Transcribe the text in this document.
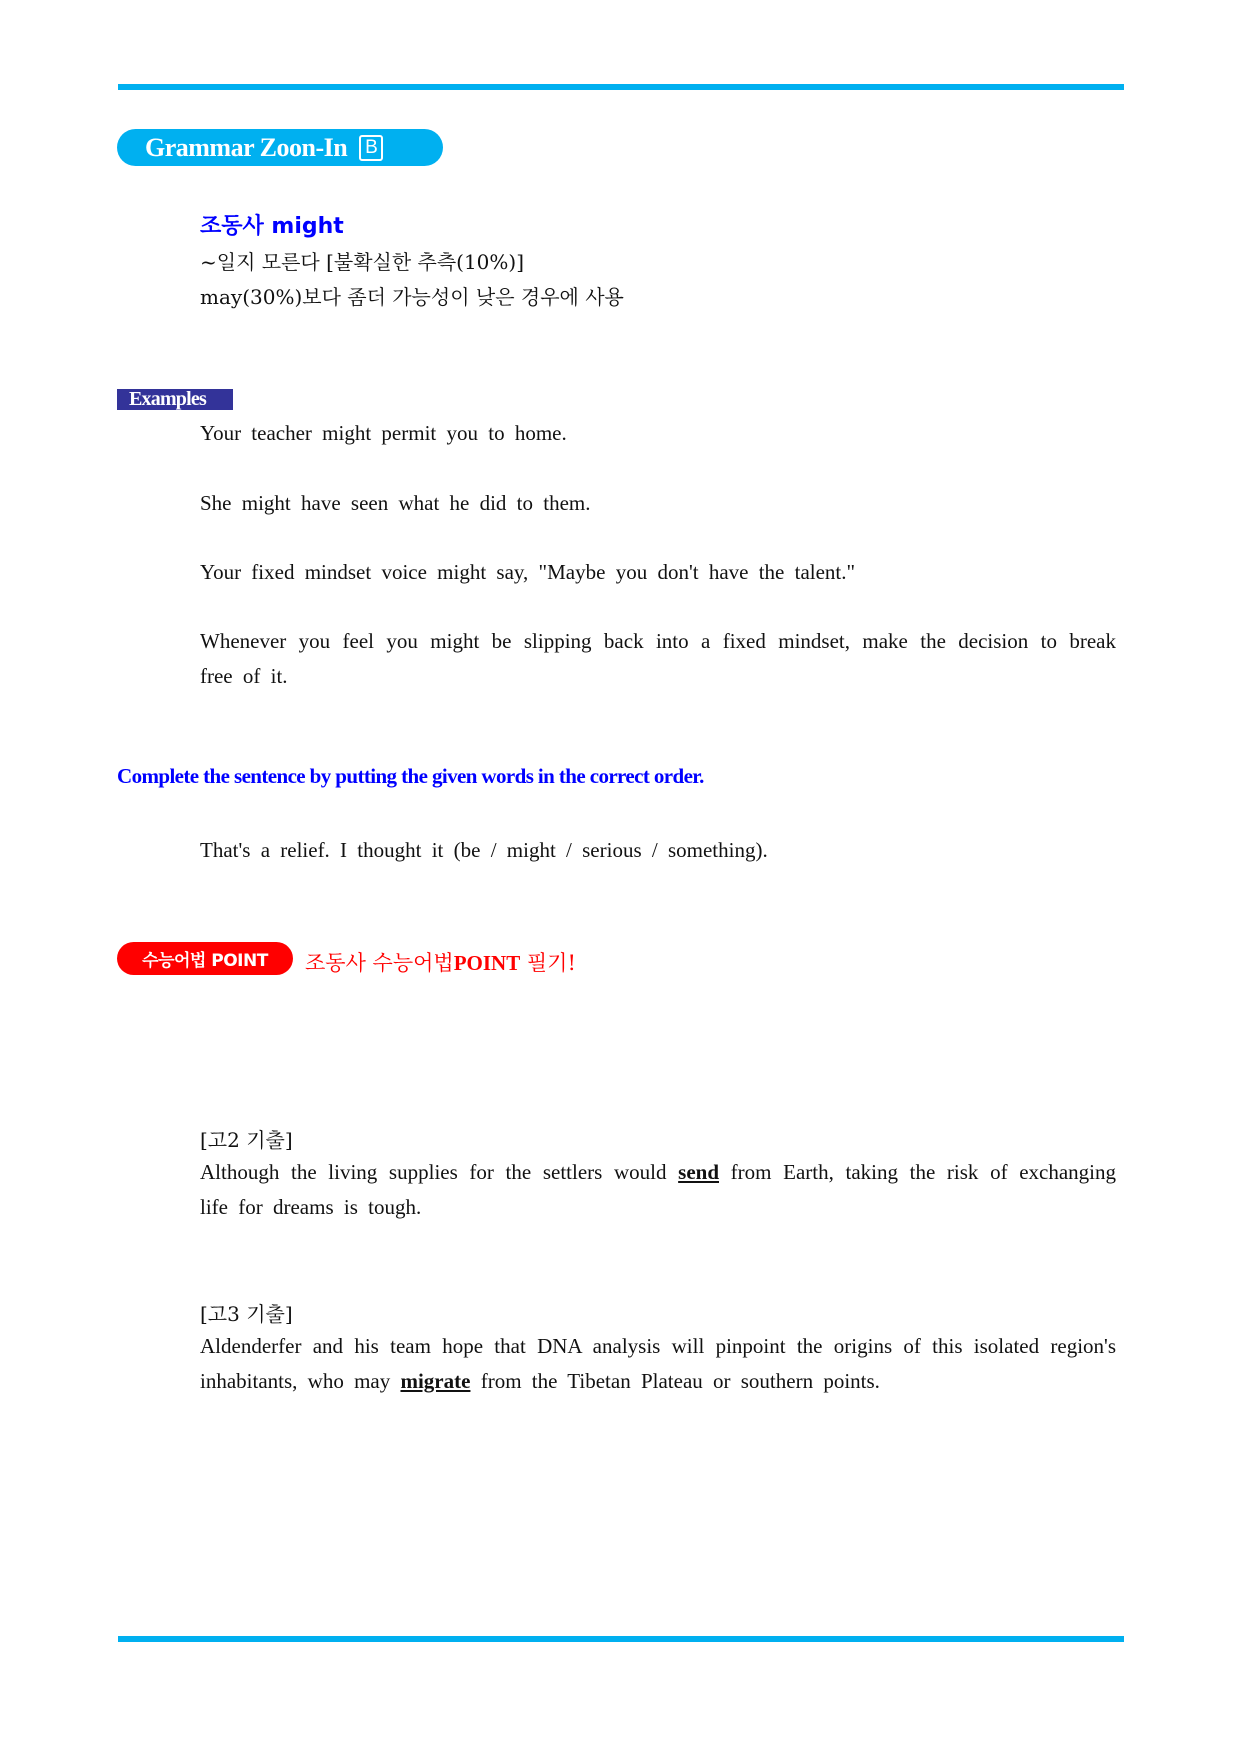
Grammar Zoon-In B
조동사 might
~일지 모른다 [불확실한 추측(10%)]
may(30%)보다 좀더 가능성이 낮은 경우에 사용
Examples
Your teacher might permit you to home.
She might have seen what he did to them.
Your fixed mindset voice might say, "Maybe you don't have the talent."
Whenever you feel you might be slipping back into a fixed mindset, make the decision to break free of it.
Complete the sentence by putting the given words in the correct order.
That's a relief. I thought it (be / might / serious / something).
수능어법 POINT	조동사 수능어법POINT 필기!
[고2 기출]
Although the living supplies for the settlers would send from Earth, taking the risk of exchanging life for dreams is tough.
[고3 기출]
Aldenderfer and his team hope that DNA analysis will pinpoint the origins of this isolated region's inhabitants, who may migrate from the Tibetan Plateau or southern points.
